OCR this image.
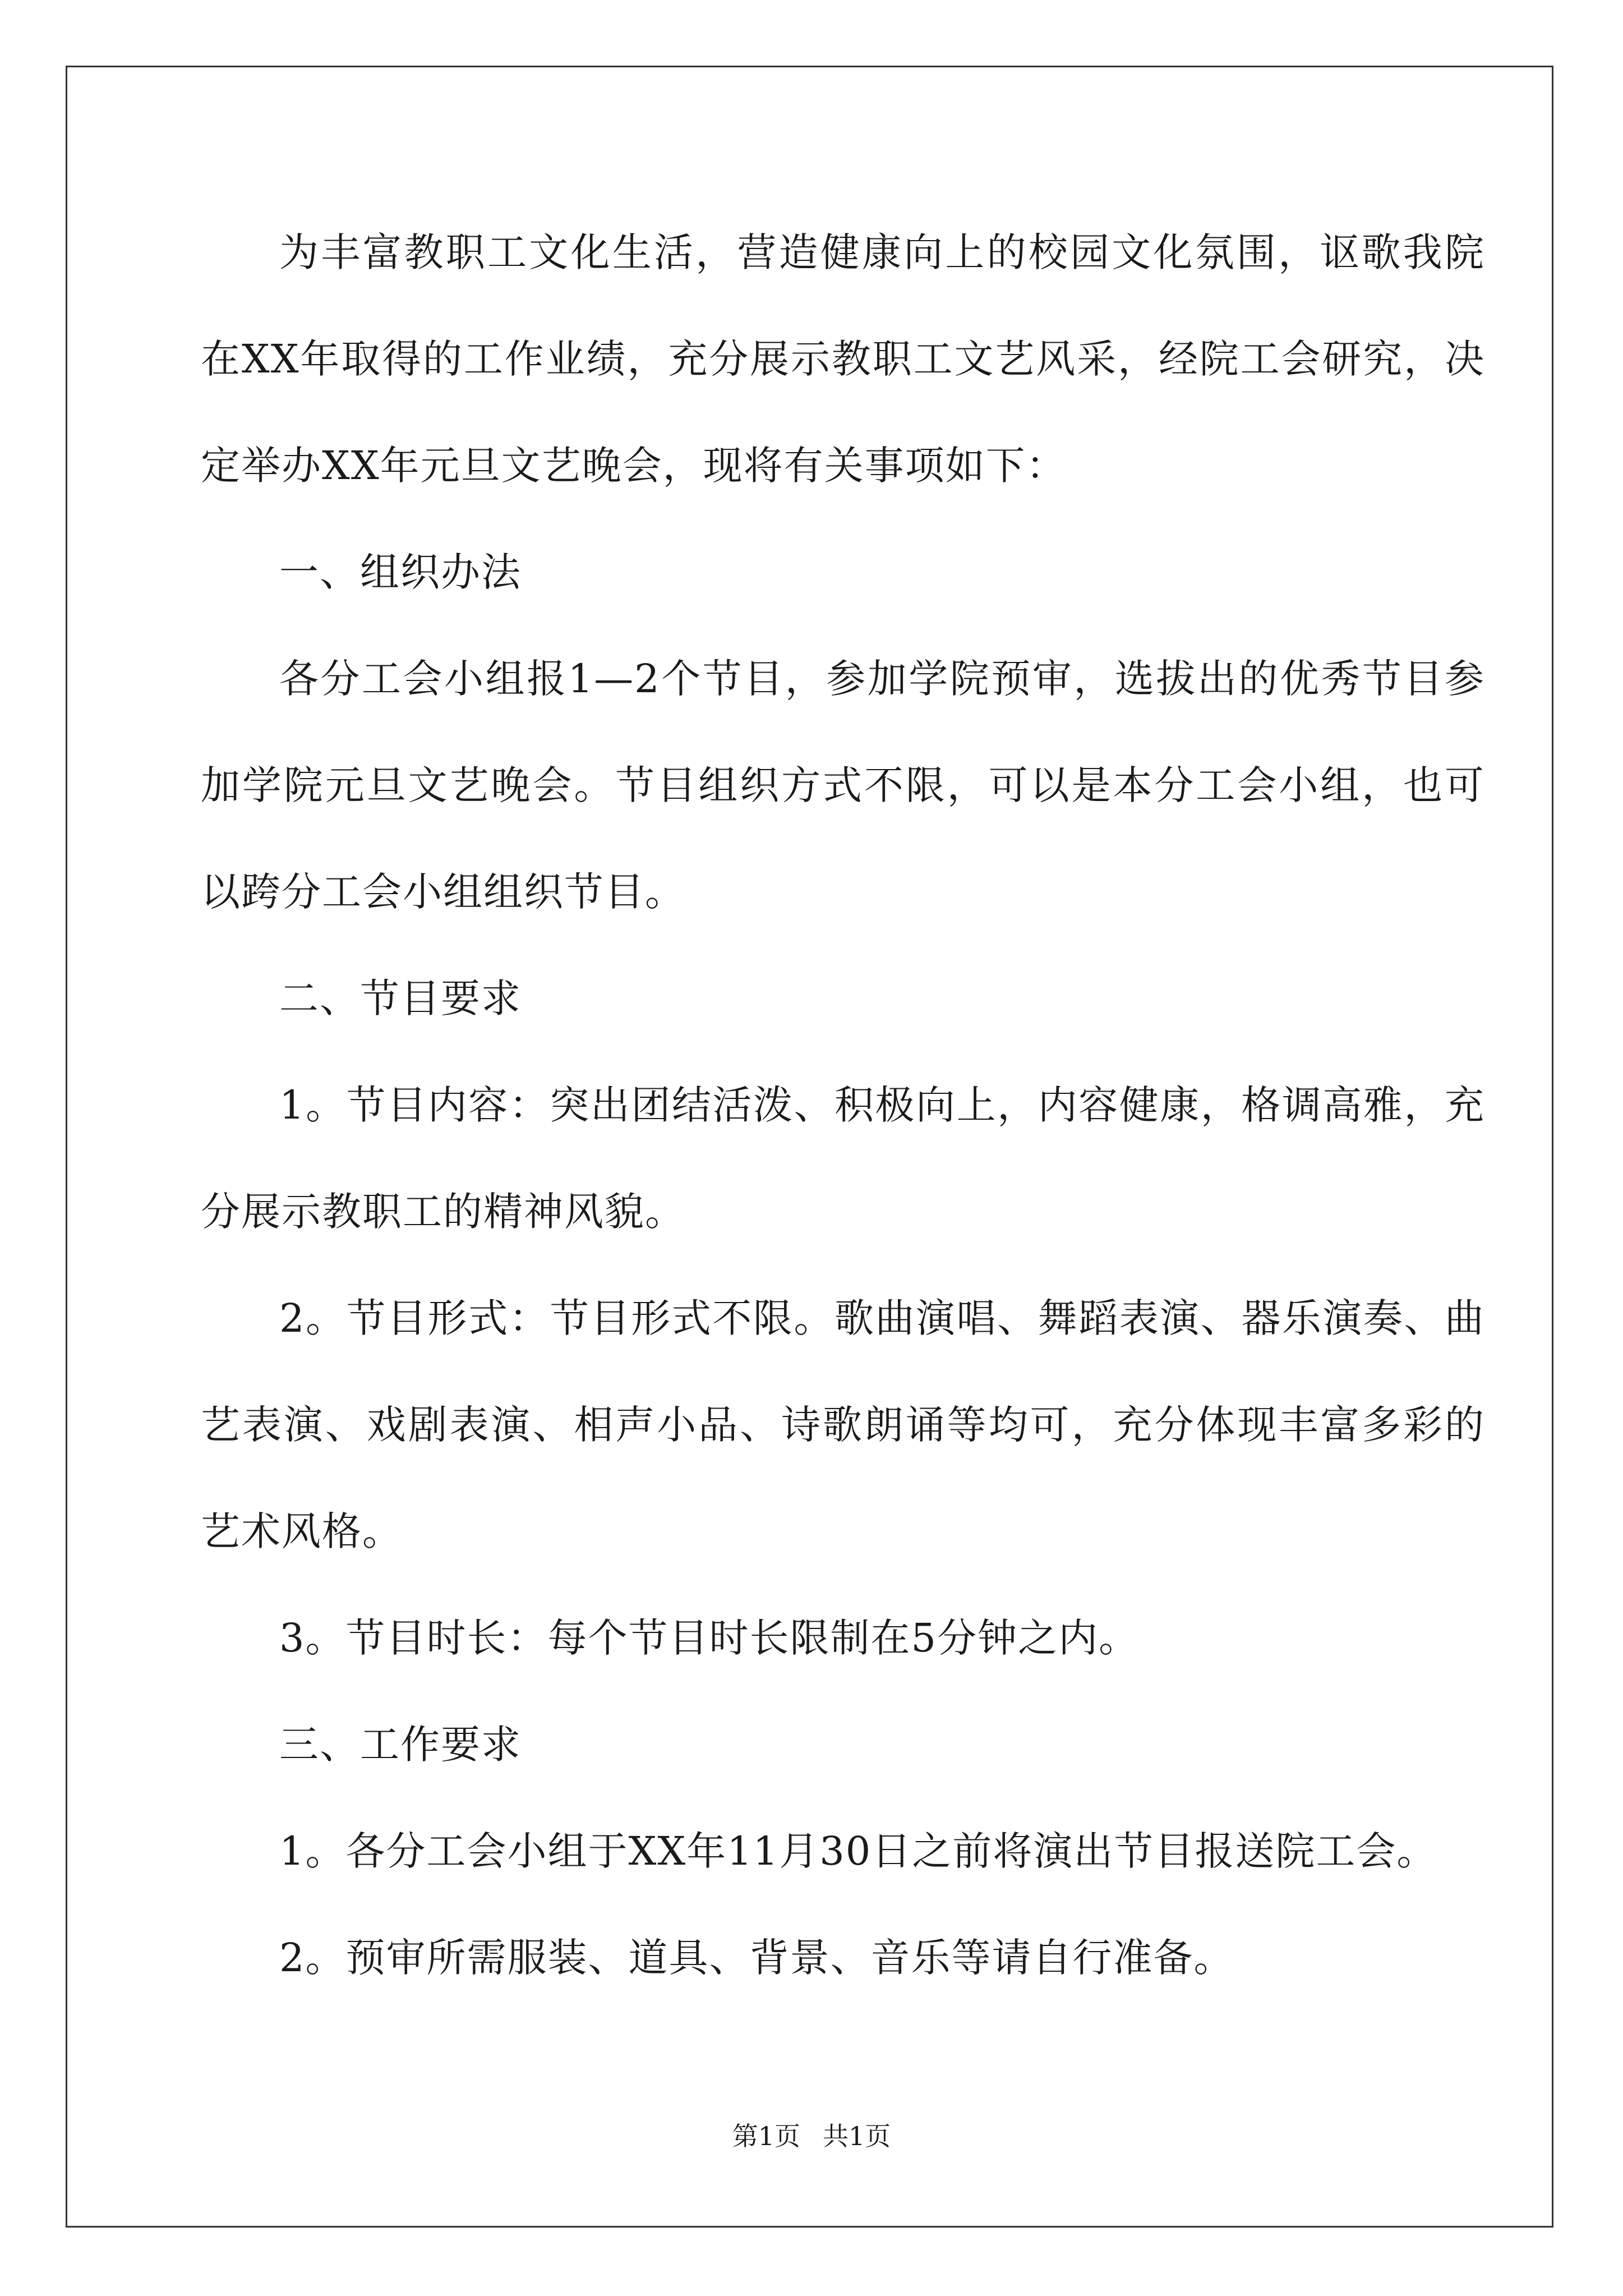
为丰富教职工文化生活，营造健康向上的校园文化氛围，讴歌我院在XX年取得的工作业绩，充分展示教职工文艺风采，经院工会研究，决定举办XX年元旦文艺晚会，现将有关事项如下：

一、组织办法

各分工会小组报1—2个节目，参加学院预审，选拔出的优秀节目参加学院元旦文艺晚会。节目组织方式不限，可以是本分工会小组，也可以跨分工会小组组织节目。

二、节目要求

1。节目内容：突出团结活泼、积极向上，内容健康，格调高雅，充分展示教职工的精神风貌。

2。节目形式：节目形式不限。歌曲演唱、舞蹈表演、器乐演奏、曲艺表演、戏剧表演、相声小品、诗歌朗诵等均可，充分体现丰富多彩的艺术风格。

3。节目时长：每个节目时长限制在5分钟之内。

三、工作要求

1。各分工会小组于XX年11月30日之前将演出节目报送院工会。

2。预审所需服装、道具、背景、音乐等请自行准备。

第1页 共1页
